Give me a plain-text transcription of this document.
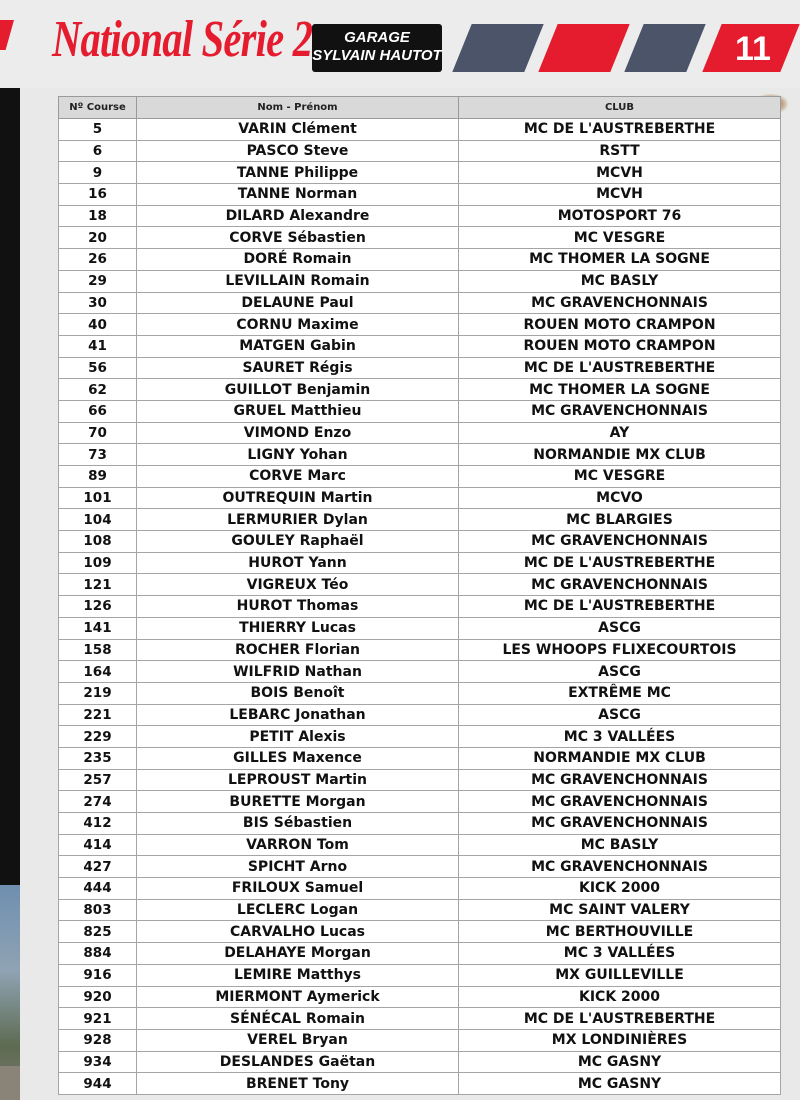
National Série 2	GARAGE
SYLVAIN HAUTOT	11
Nº Course	Nom - Prénom	CLUB
5	VARIN Clément	MC DE L'AUSTREBERTHE
6	PASCO Steve	RSTT
9	TANNE Philippe	MCVH
16	TANNE Norman	MCVH
18	DILARD Alexandre	MOTOSPORT 76
20	CORVE Sébastien	MC VESGRE
26	DORÉ Romain	MC THOMER LA SOGNE
29	LEVILLAIN Romain	MC BASLY
30	DELAUNE Paul	MC GRAVENCHONNAIS
40	CORNU Maxime	ROUEN MOTO CRAMPON
41	MATGEN Gabin	ROUEN MOTO CRAMPON
56	SAURET Régis	MC DE L'AUSTREBERTHE
62	GUILLOT Benjamin	MC THOMER LA SOGNE
66	GRUEL Matthieu	MC GRAVENCHONNAIS
70	VIMOND Enzo	AY
73	LIGNY Yohan	NORMANDIE MX CLUB
89	CORVE Marc	MC VESGRE
101	OUTREQUIN Martin	MCVO
104	LERMURIER Dylan	MC BLARGIES
108	GOULEY Raphaël	MC GRAVENCHONNAIS
109	HUROT Yann	MC DE L'AUSTREBERTHE
121	VIGREUX Téo	MC GRAVENCHONNAIS
126	HUROT Thomas	MC DE L'AUSTREBERTHE
141	THIERRY Lucas	ASCG
158	ROCHER Florian	LES WHOOPS FLIXECOURTOIS
164	WILFRID Nathan	ASCG
219	BOIS Benoît	EXTRÊME MC
221	LEBARC Jonathan	ASCG
229	PETIT Alexis	MC 3 VALLÉES
235	GILLES Maxence	NORMANDIE MX CLUB
257	LEPROUST Martin	MC GRAVENCHONNAIS
274	BURETTE Morgan	MC GRAVENCHONNAIS
412	BIS Sébastien	MC GRAVENCHONNAIS
414	VARRON Tom	MC BASLY
427	SPICHT Arno	MC GRAVENCHONNAIS
444	FRILOUX Samuel	KICK 2000
803	LECLERC Logan	MC SAINT VALERY
825	CARVALHO Lucas	MC BERTHOUVILLE
884	DELAHAYE Morgan	MC 3 VALLÉES
916	LEMIRE Matthys	MX GUILLEVILLE
920	MIERMONT Aymerick	KICK 2000
921	SÉNÉCAL Romain	MC DE L'AUSTREBERTHE
928	VEREL Bryan	MX LONDINIÈRES
934	DESLANDES Gaëtan	MC GASNY
944	BRENET Tony	MC GASNY
